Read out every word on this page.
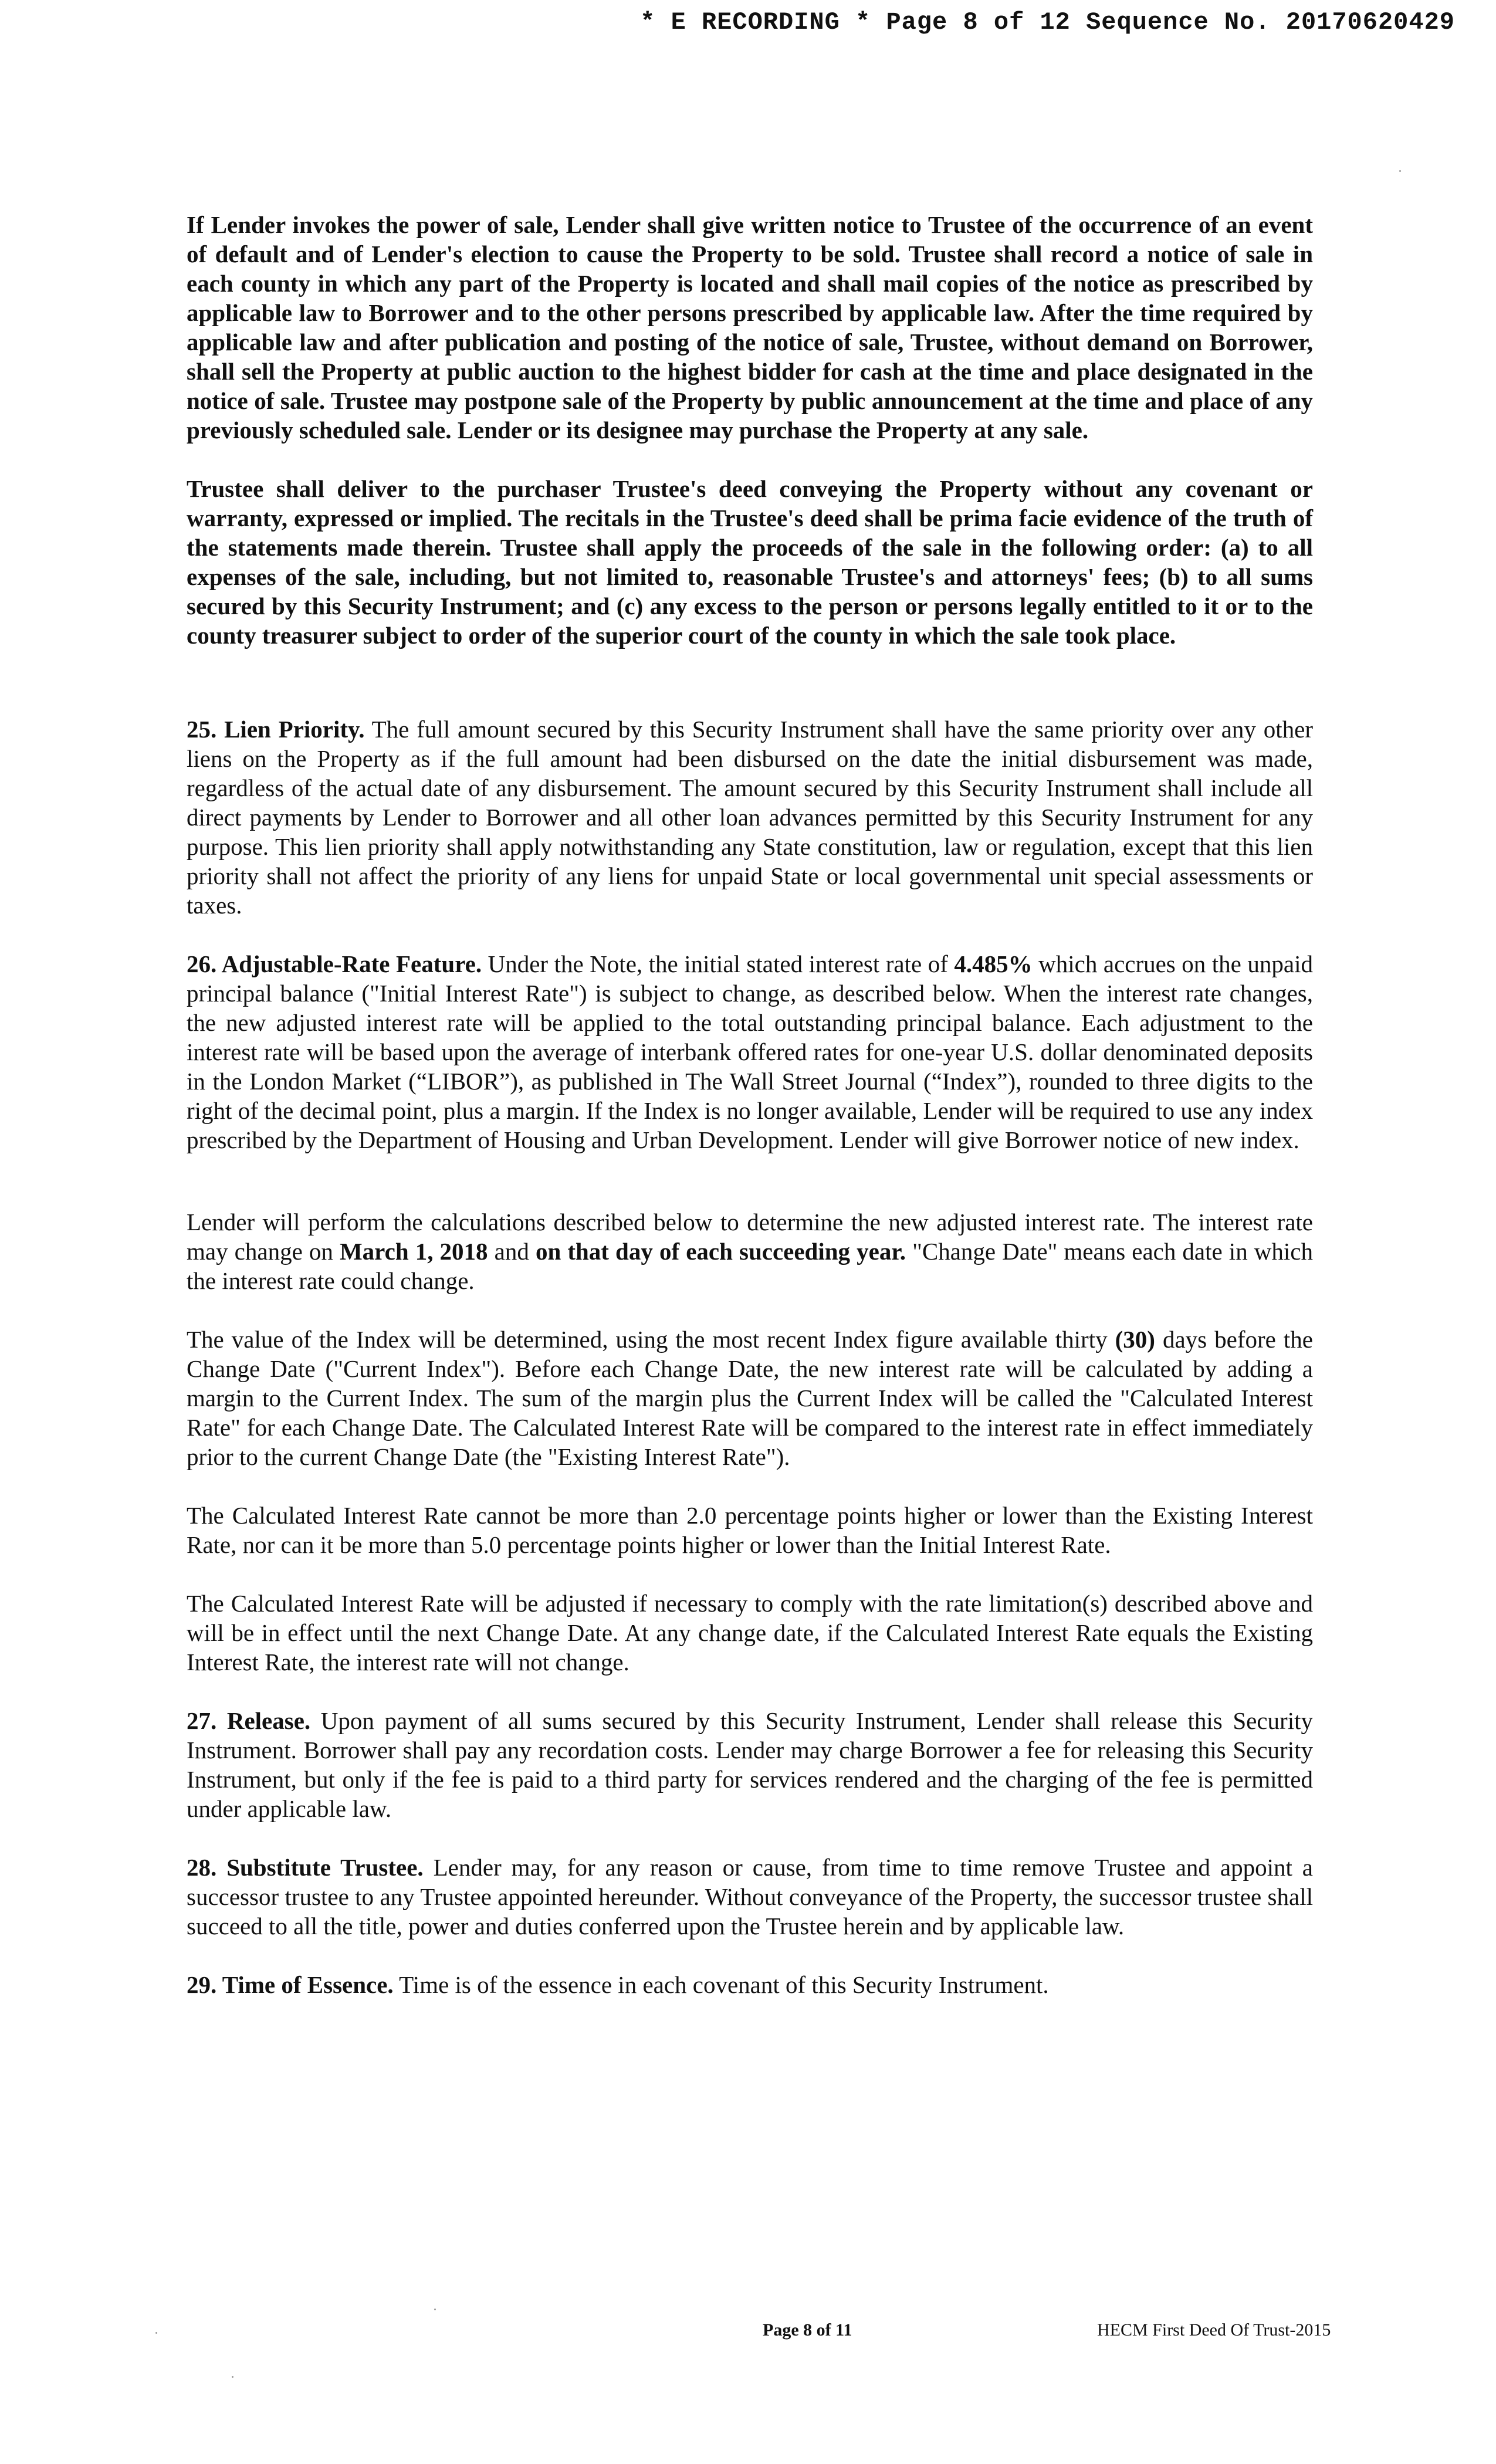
* E RECORDING * Page 8 of 12 Sequence No. 20170620429

If Lender invokes the power of sale, Lender shall give written notice to Trustee of the occurrence of an event of default and of Lender's election to cause the Property to be sold. Trustee shall record a notice of sale in each county in which any part of the Property is located and shall mail copies of the notice as prescribed by applicable law to Borrower and to the other persons prescribed by applicable law. After the time required by applicable law and after publication and posting of the notice of sale, Trustee, without demand on Borrower, shall sell the Property at public auction to the highest bidder for cash at the time and place designated in the notice of sale. Trustee may postpone sale of the Property by public announcement at the time and place of any previously scheduled sale. Lender or its designee may purchase the Property at any sale.

Trustee shall deliver to the purchaser Trustee's deed conveying the Property without any covenant or warranty, expressed or implied. The recitals in the Trustee's deed shall be prima facie evidence of the truth of the statements made therein. Trustee shall apply the proceeds of the sale in the following order: (a) to all expenses of the sale, including, but not limited to, reasonable Trustee's and attorneys' fees; (b) to all sums secured by this Security Instrument; and (c) any excess to the person or persons legally entitled to it or to the county treasurer subject to order of the superior court of the county in which the sale took place.

25. Lien Priority. The full amount secured by this Security Instrument shall have the same priority over any other liens on the Property as if the full amount had been disbursed on the date the initial disbursement was made, regardless of the actual date of any disbursement. The amount secured by this Security Instrument shall include all direct payments by Lender to Borrower and all other loan advances permitted by this Security Instrument for any purpose. This lien priority shall apply notwithstanding any State constitution, law or regulation, except that this lien priority shall not affect the priority of any liens for unpaid State or local governmental unit special assessments or taxes.

26. Adjustable-Rate Feature. Under the Note, the initial stated interest rate of 4.485% which accrues on the unpaid principal balance ("Initial Interest Rate") is subject to change, as described below. When the interest rate changes, the new adjusted interest rate will be applied to the total outstanding principal balance. Each adjustment to the interest rate will be based upon the average of interbank offered rates for one-year U.S. dollar denominated deposits in the London Market (“LIBOR”), as published in The Wall Street Journal (“Index”), rounded to three digits to the right of the decimal point, plus a margin. If the Index is no longer available, Lender will be required to use any index prescribed by the Department of Housing and Urban Development. Lender will give Borrower notice of new index.

Lender will perform the calculations described below to determine the new adjusted interest rate. The interest rate may change on March 1, 2018 and on that day of each succeeding year. "Change Date" means each date in which the interest rate could change.

The value of the Index will be determined, using the most recent Index figure available thirty (30) days before the Change Date ("Current Index"). Before each Change Date, the new interest rate will be calculated by adding a margin to the Current Index. The sum of the margin plus the Current Index will be called the "Calculated Interest Rate" for each Change Date. The Calculated Interest Rate will be compared to the interest rate in effect immediately prior to the current Change Date (the "Existing Interest Rate").

The Calculated Interest Rate cannot be more than 2.0 percentage points higher or lower than the Existing Interest Rate, nor can it be more than 5.0 percentage points higher or lower than the Initial Interest Rate.

The Calculated Interest Rate will be adjusted if necessary to comply with the rate limitation(s) described above and will be in effect until the next Change Date. At any change date, if the Calculated Interest Rate equals the Existing Interest Rate, the interest rate will not change.

27. Release. Upon payment of all sums secured by this Security Instrument, Lender shall release this Security Instrument. Borrower shall pay any recordation costs. Lender may charge Borrower a fee for releasing this Security Instrument, but only if the fee is paid to a third party for services rendered and the charging of the fee is permitted under applicable law.

28. Substitute Trustee. Lender may, for any reason or cause, from time to time remove Trustee and appoint a successor trustee to any Trustee appointed hereunder. Without conveyance of the Property, the successor trustee shall succeed to all the title, power and duties conferred upon the Trustee herein and by applicable law.

29. Time of Essence. Time is of the essence in each covenant of this Security Instrument.

Page 8 of 11	HECM First Deed Of Trust-2015
